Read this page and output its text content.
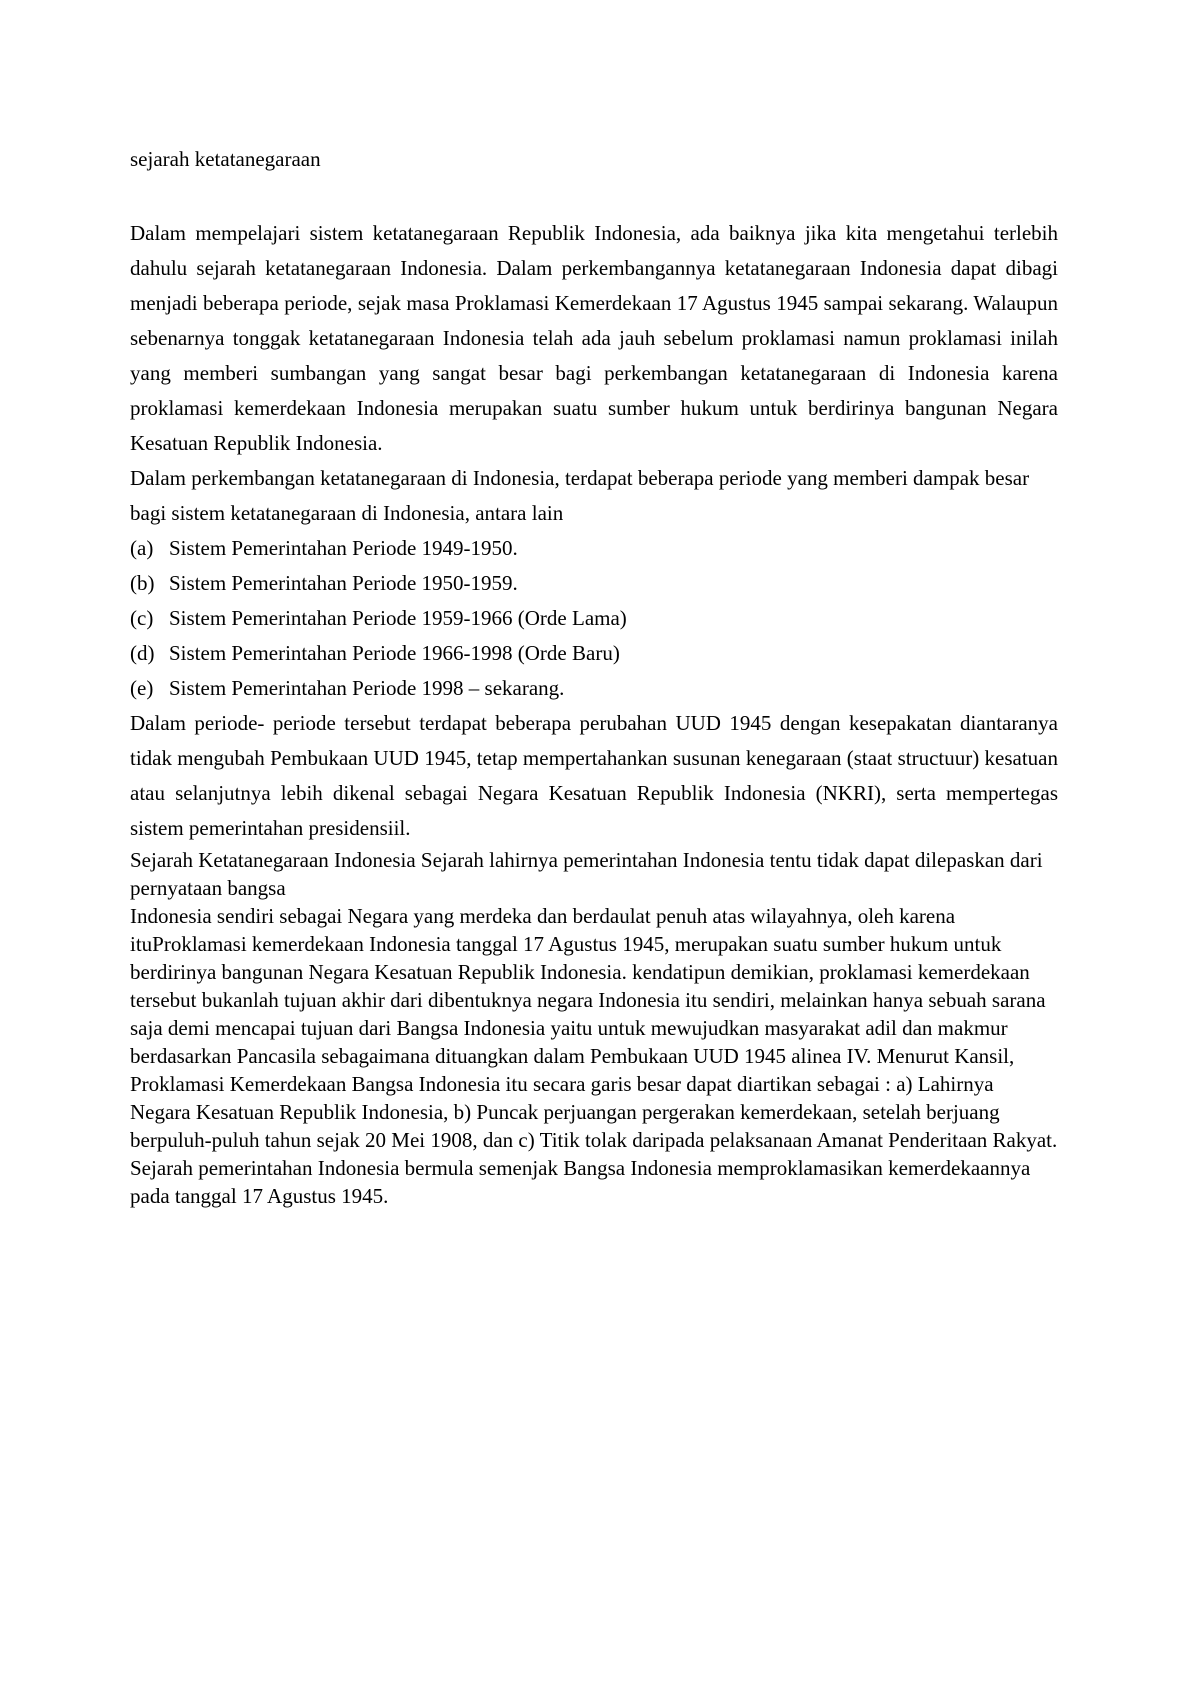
sejarah ketatanegaraan

Dalam mempelajari sistem ketatanegaraan Republik Indonesia, ada baiknya jika kita mengetahui terlebih dahulu sejarah ketatanegaraan Indonesia. Dalam perkembangannya ketatanegaraan Indonesia dapat dibagi menjadi beberapa periode, sejak masa Proklamasi Kemerdekaan 17 Agustus 1945 sampai sekarang. Walaupun sebenarnya tonggak ketatanegaraan Indonesia telah ada jauh sebelum proklamasi namun proklamasi inilah yang memberi sumbangan yang sangat besar bagi perkembangan ketatanegaraan di Indonesia karena proklamasi kemerdekaan Indonesia merupakan suatu sumber hukum untuk berdirinya bangunan Negara Kesatuan Republik Indonesia.

Dalam perkembangan ketatanegaraan di Indonesia, terdapat beberapa periode yang memberi dampak besar bagi sistem ketatanegaraan di Indonesia, antara lain

(a) Sistem Pemerintahan Periode 1949-1950.
(b) Sistem Pemerintahan Periode 1950-1959.
(c) Sistem Pemerintahan Periode 1959-1966 (Orde Lama)
(d) Sistem Pemerintahan Periode 1966-1998 (Orde Baru)
(e) Sistem Pemerintahan Periode 1998 – sekarang.

Dalam periode- periode tersebut terdapat beberapa perubahan UUD 1945 dengan kesepakatan diantaranya tidak mengubah Pembukaan UUD 1945, tetap mempertahankan susunan kenegaraan (staat structuur) kesatuan atau selanjutnya lebih dikenal sebagai Negara Kesatuan Republik Indonesia (NKRI), serta mempertegas sistem pemerintahan presidensiil.

Sejarah Ketatanegaraan Indonesia Sejarah lahirnya pemerintahan Indonesia tentu tidak dapat dilepaskan dari pernyataan bangsa

Indonesia sendiri sebagai Negara yang merdeka dan berdaulat penuh atas wilayahnya, oleh karena ituProklamasi kemerdekaan Indonesia tanggal 17 Agustus 1945, merupakan suatu sumber hukum untuk berdirinya bangunan Negara Kesatuan Republik Indonesia. kendatipun demikian, proklamasi kemerdekaan tersebut bukanlah tujuan akhir dari dibentuknya negara Indonesia itu sendiri, melainkan hanya sebuah sarana saja demi mencapai tujuan dari Bangsa Indonesia yaitu untuk mewujudkan masyarakat adil dan makmur berdasarkan Pancasila sebagaimana dituangkan dalam Pembukaan UUD 1945 alinea IV. Menurut Kansil, Proklamasi Kemerdekaan Bangsa Indonesia itu secara garis besar dapat diartikan sebagai : a) Lahirnya Negara Kesatuan Republik Indonesia, b) Puncak perjuangan pergerakan kemerdekaan, setelah berjuang berpuluh-puluh tahun sejak 20 Mei 1908, dan c) Titik tolak daripada pelaksanaan Amanat Penderitaan Rakyat. Sejarah pemerintahan Indonesia bermula semenjak Bangsa Indonesia memproklamasikan kemerdekaannya pada tanggal 17 Agustus 1945.
